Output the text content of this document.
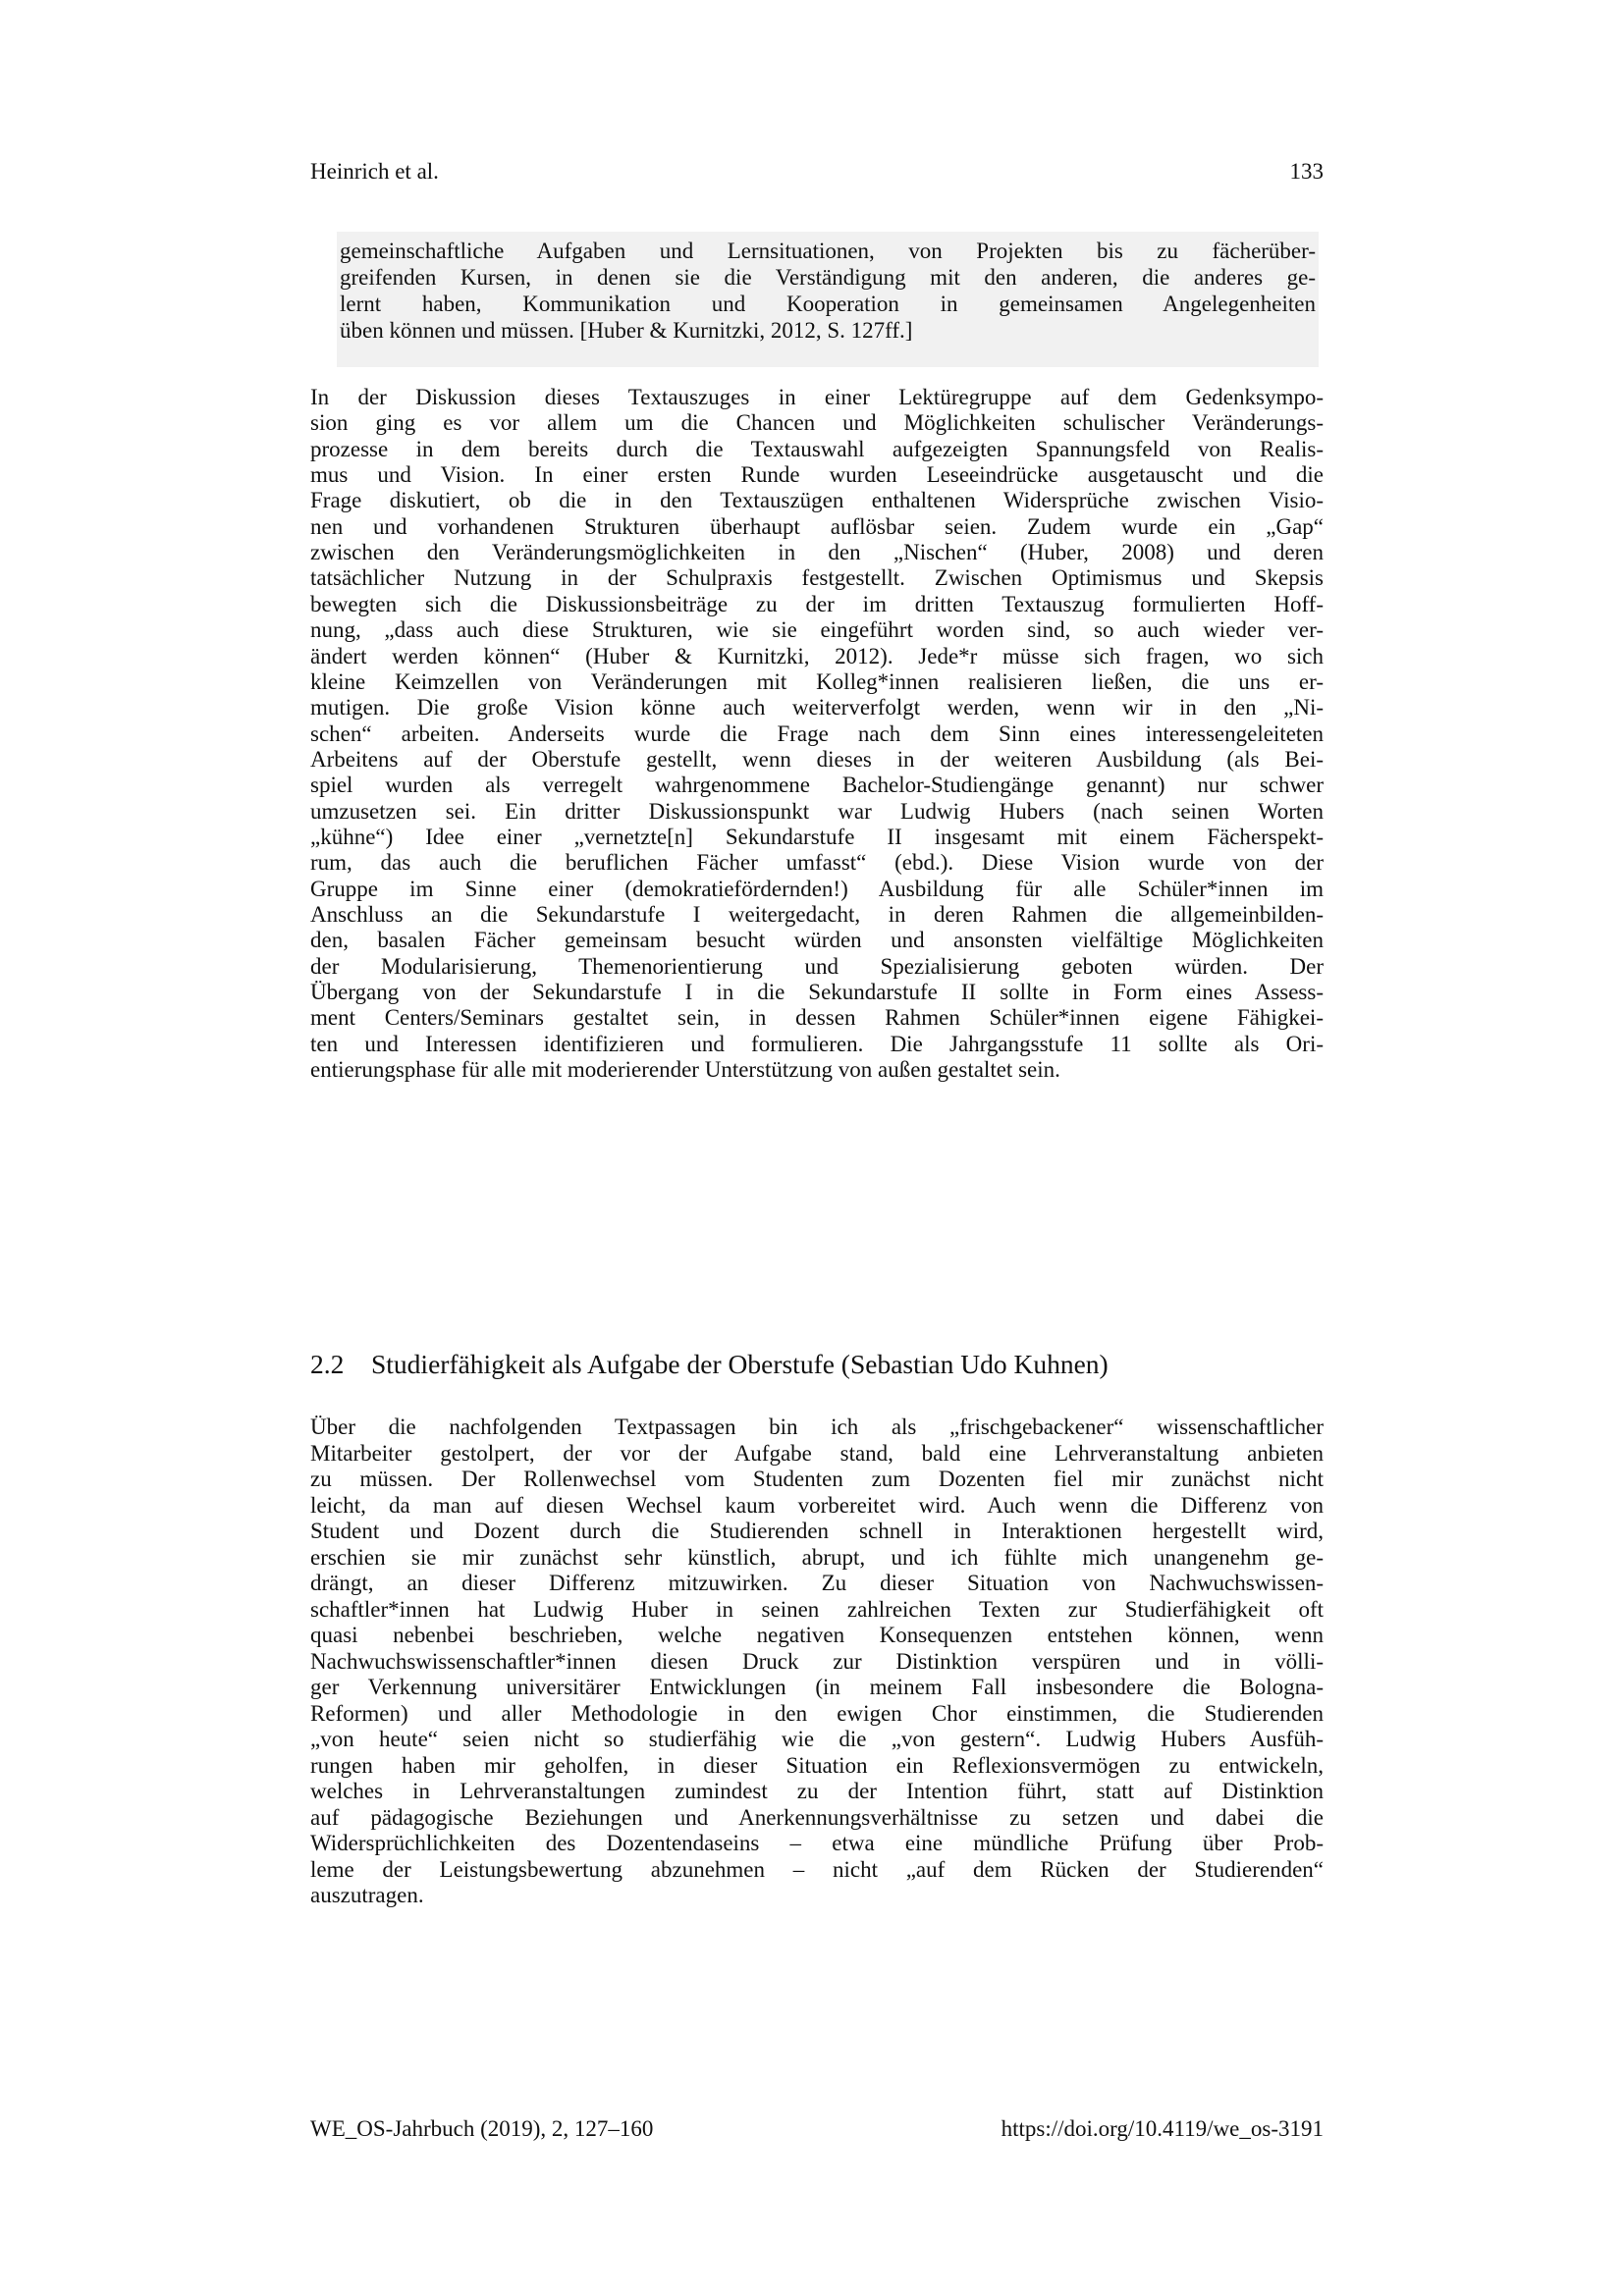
Heinrich et al.	133
gemeinschaftliche Aufgaben und Lernsituationen, von Projekten bis zu fächerüber-
greifenden Kursen, in denen sie die Verständigung mit den anderen, die anderes ge-
lernt haben, Kommunikation und Kooperation in gemeinsamen Angelegenheiten
üben können und müssen. [Huber & Kurnitzki, 2012, S. 127ff.]
In der Diskussion dieses Textauszuges in einer Lektüregruppe auf dem Gedenksympo-
sion ging es vor allem um die Chancen und Möglichkeiten schulischer Veränderungs-
prozesse in dem bereits durch die Textauswahl aufgezeigten Spannungsfeld von Realis-
mus und Vision. In einer ersten Runde wurden Leseeindrücke ausgetauscht und die
Frage diskutiert, ob die in den Textauszügen enthaltenen Widersprüche zwischen Visio-
nen und vorhandenen Strukturen überhaupt auflösbar seien. Zudem wurde ein „Gap“
zwischen den Veränderungsmöglichkeiten in den „Nischen“ (Huber, 2008) und deren
tatsächlicher Nutzung in der Schulpraxis festgestellt. Zwischen Optimismus und Skepsis
bewegten sich die Diskussionsbeiträge zu der im dritten Textauszug formulierten Hoff-
nung, „dass auch diese Strukturen, wie sie eingeführt worden sind, so auch wieder ver-
ändert werden können“ (Huber & Kurnitzki, 2012). Jede*r müsse sich fragen, wo sich
kleine Keimzellen von Veränderungen mit Kolleg*innen realisieren ließen, die uns er-
mutigen. Die große Vision könne auch weiterverfolgt werden, wenn wir in den „Ni-
schen“ arbeiten. Anderseits wurde die Frage nach dem Sinn eines interessengeleiteten
Arbeitens auf der Oberstufe gestellt, wenn dieses in der weiteren Ausbildung (als Bei-
spiel wurden als verregelt wahrgenommene Bachelor-Studiengänge genannt) nur schwer
umzusetzen sei. Ein dritter Diskussionspunkt war Ludwig Hubers (nach seinen Worten
„kühne“) Idee einer „vernetzte[n] Sekundarstufe II insgesamt mit einem Fächerspekt-
rum, das auch die beruflichen Fächer umfasst“ (ebd.). Diese Vision wurde von der
Gruppe im Sinne einer (demokratiefördernden!) Ausbildung für alle Schüler*innen im
Anschluss an die Sekundarstufe I weitergedacht, in deren Rahmen die allgemeinbilden-
den, basalen Fächer gemeinsam besucht würden und ansonsten vielfältige Möglichkeiten
der Modularisierung, Themenorientierung und Spezialisierung geboten würden. Der
Übergang von der Sekundarstufe I in die Sekundarstufe II sollte in Form eines Assess-
ment Centers/Seminars gestaltet sein, in dessen Rahmen Schüler*innen eigene Fähigkei-
ten und Interessen identifizieren und formulieren. Die Jahrgangsstufe 11 sollte als Ori-
entierungsphase für alle mit moderierender Unterstützung von außen gestaltet sein.
2.2 Studierfähigkeit als Aufgabe der Oberstufe (Sebastian Udo Kuhnen)
Über die nachfolgenden Textpassagen bin ich als „frischgebackener“ wissenschaftlicher
Mitarbeiter gestolpert, der vor der Aufgabe stand, bald eine Lehrveranstaltung anbieten
zu müssen. Der Rollenwechsel vom Studenten zum Dozenten fiel mir zunächst nicht
leicht, da man auf diesen Wechsel kaum vorbereitet wird. Auch wenn die Differenz von
Student und Dozent durch die Studierenden schnell in Interaktionen hergestellt wird,
erschien sie mir zunächst sehr künstlich, abrupt, und ich fühlte mich unangenehm ge-
drängt, an dieser Differenz mitzuwirken. Zu dieser Situation von Nachwuchswissen-
schaftler*innen hat Ludwig Huber in seinen zahlreichen Texten zur Studierfähigkeit oft
quasi nebenbei beschrieben, welche negativen Konsequenzen entstehen können, wenn
Nachwuchswissenschaftler*innen diesen Druck zur Distinktion verspüren und in völli-
ger Verkennung universitärer Entwicklungen (in meinem Fall insbesondere die Bologna-
Reformen) und aller Methodologie in den ewigen Chor einstimmen, die Studierenden
„von heute“ seien nicht so studierfähig wie die „von gestern“. Ludwig Hubers Ausfüh-
rungen haben mir geholfen, in dieser Situation ein Reflexionsvermögen zu entwickeln,
welches in Lehrveranstaltungen zumindest zu der Intention führt, statt auf Distinktion
auf pädagogische Beziehungen und Anerkennungsverhältnisse zu setzen und dabei die
Widersprüchlichkeiten des Dozentendaseins – etwa eine mündliche Prüfung über Prob-
leme der Leistungsbewertung abzunehmen – nicht „auf dem Rücken der Studierenden“
auszutragen.
WE_OS-Jahrbuch (2019), 2, 127–160	https://doi.org/10.4119/we_os-3191
